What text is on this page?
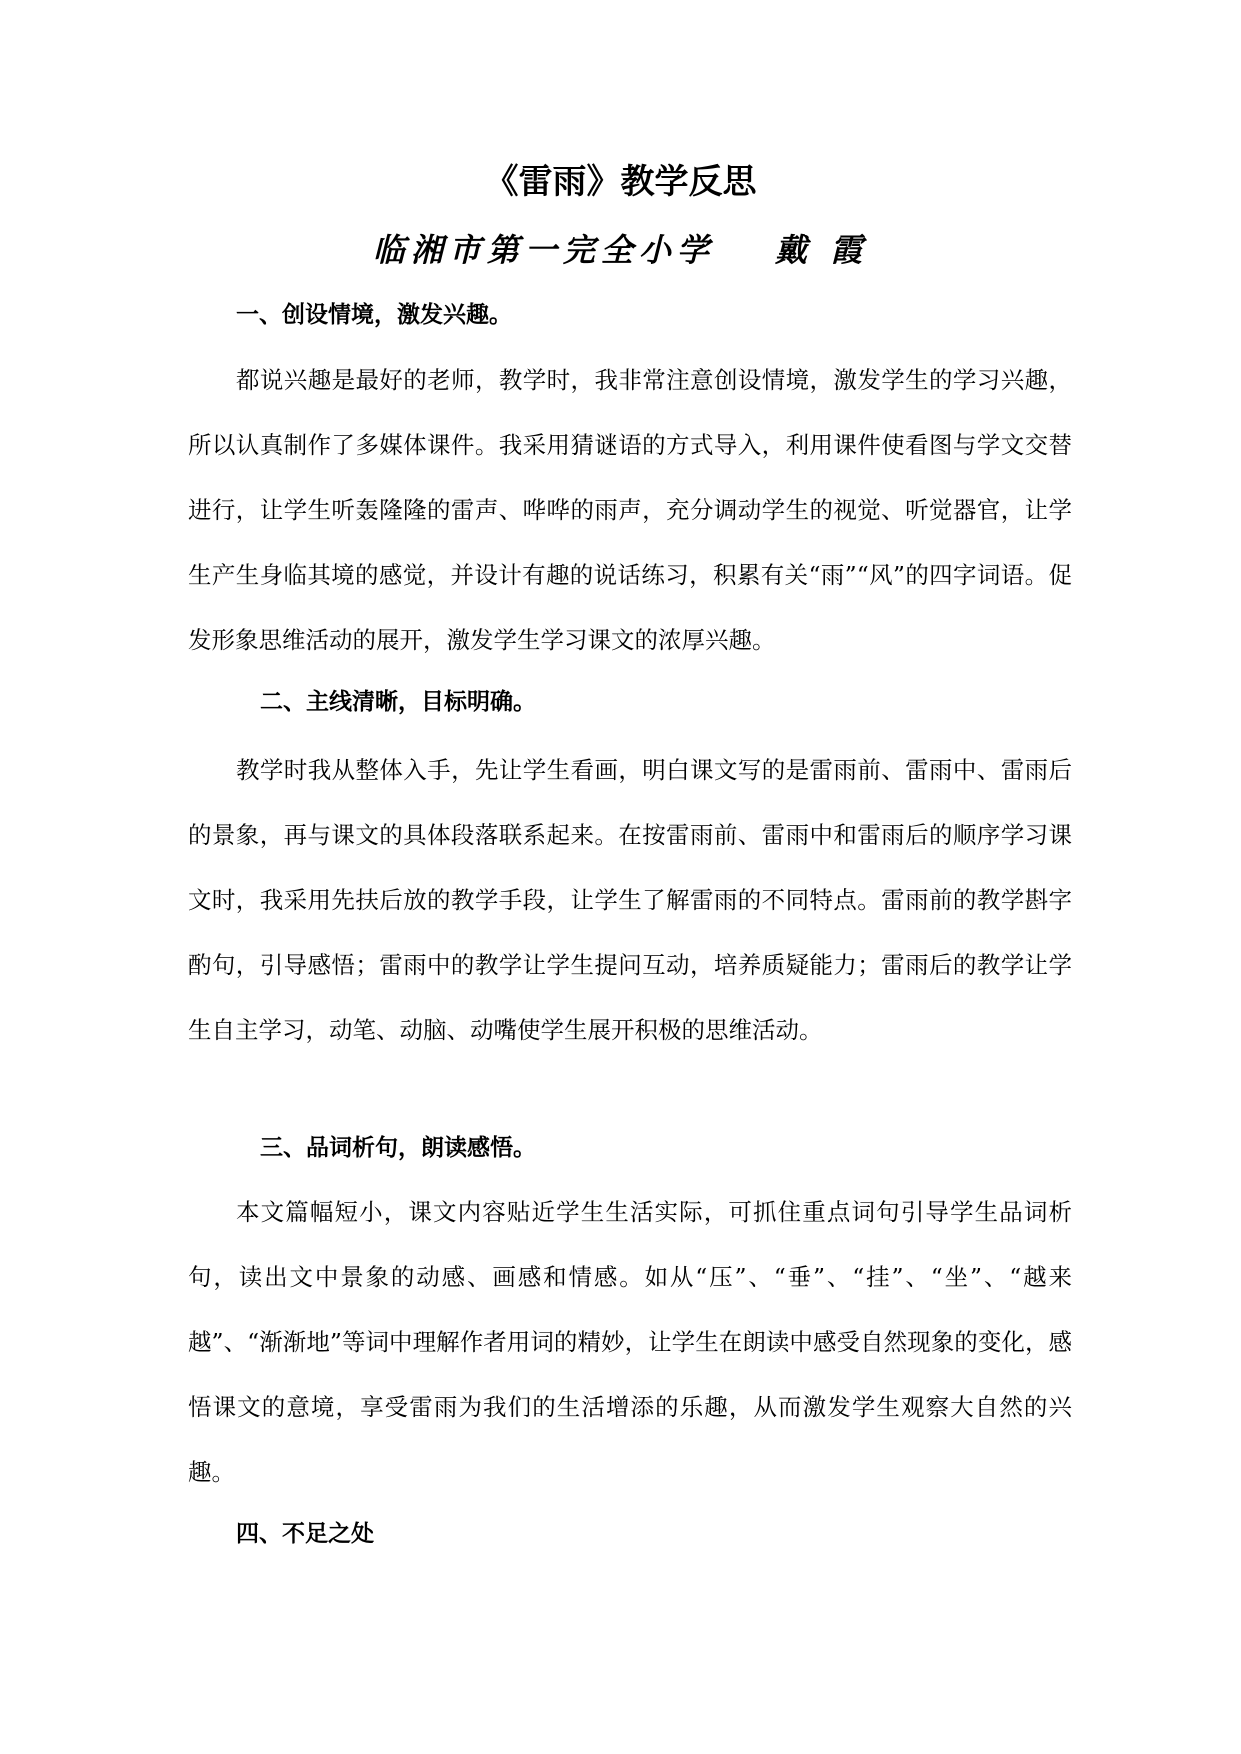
《雷雨》教学反思
临湘市第一完全小学 戴 霞
一、创设情境，激发兴趣。

都说兴趣是最好的老师，教学时，我非常注意创设情境，激发学生的学习兴趣，所以认真制作了多媒体课件。我采用猜谜语的方式导入，利用课件使看图与学文交替进行，让学生听轰隆隆的雷声、哗哗的雨声，充分调动学生的视觉、听觉器官，让学生产生身临其境的感觉，并设计有趣的说话练习，积累有关“雨”“风”的四字词语。促发形象思维活动的展开，激发学生学习课文的浓厚兴趣。

二、主线清晰，目标明确。

教学时我从整体入手，先让学生看画，明白课文写的是雷雨前、雷雨中、雷雨后的景象，再与课文的具体段落联系起来。在按雷雨前、雷雨中和雷雨后的顺序学习课文时，我采用先扶后放的教学手段，让学生了解雷雨的不同特点。雷雨前的教学斟字酌句，引导感悟；雷雨中的教学让学生提问互动，培养质疑能力；雷雨后的教学让学生自主学习，动笔、动脑、动嘴使学生展开积极的思维活动。

三、品词析句，朗读感悟。

本文篇幅短小，课文内容贴近学生生活实际，可抓住重点词句引导学生品词析句，读出文中景象的动感、画感和情感。如从“压”、“垂”、“挂”、“坐”、“越来越”、“渐渐地”等词中理解作者用词的精妙，让学生在朗读中感受自然现象的变化，感悟课文的意境，享受雷雨为我们的生活增添的乐趣，从而激发学生观察大自然的兴趣。

四、不足之处
